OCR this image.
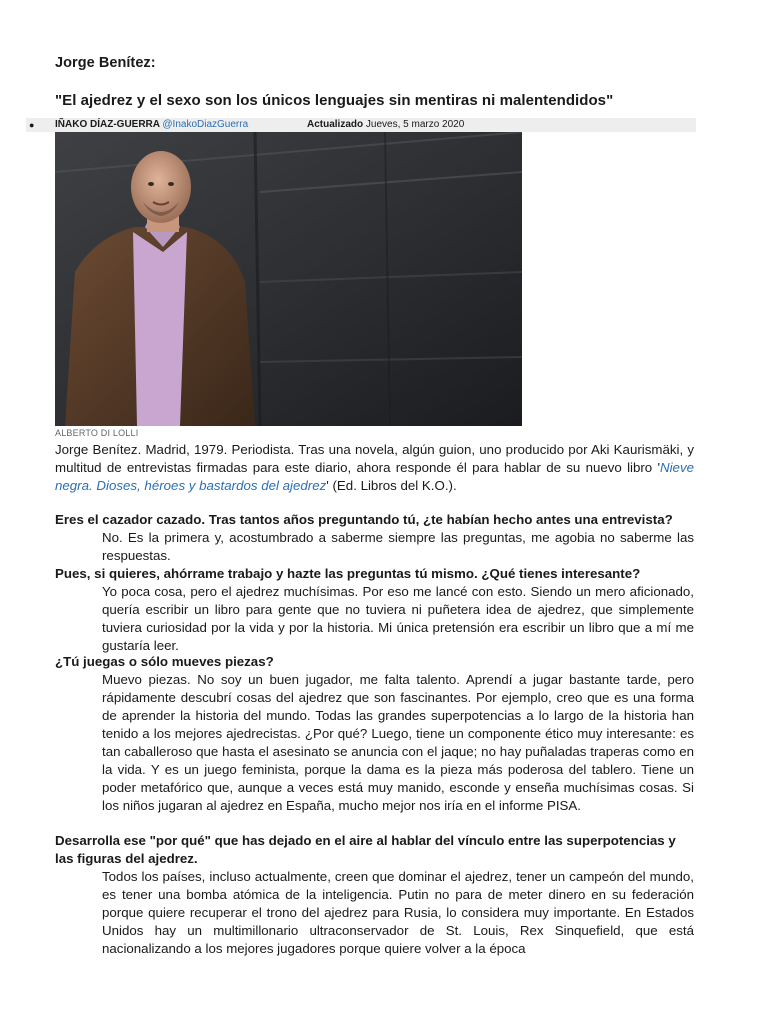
Jorge Benítez:
"El ajedrez y el sexo son los únicos lenguajes sin mentiras ni malentendidos"
● IÑAKO DÍAZ-GUERRA @InakoDiazGuerra	Actualizado Jueves, 5 marzo 2020
ALBERTO DI LOLLI
Jorge Benítez. Madrid, 1979. Periodista. Tras una novela, algún guion, uno producido por Aki Kaurismäki, y multitud de entrevistas firmadas para este diario, ahora responde él para hablar de su nuevo libro 'Nieve negra. Dioses, héroes y bastardos del ajedrez' (Ed. Libros del K.O.).
Eres el cazador cazado. Tras tantos años preguntando tú, ¿te habían hecho antes una entrevista?
No. Es la primera y, acostumbrado a saberme siempre las preguntas, me agobia no saberme las respuestas.
Pues, si quieres, ahórrame trabajo y hazte las preguntas tú mismo. ¿Qué tienes interesante?
Yo poca cosa, pero el ajedrez muchísimas. Por eso me lancé con esto. Siendo un mero aficionado, quería escribir un libro para gente que no tuviera ni puñetera idea de ajedrez, que simplemente tuviera curiosidad por la vida y por la historia. Mi única pretensión era escribir un libro que a mí me gustaría leer.
¿Tú juegas o sólo mueves piezas?
Muevo piezas. No soy un buen jugador, me falta talento. Aprendí a jugar bastante tarde, pero rápidamente descubrí cosas del ajedrez que son fascinantes. Por ejemplo, creo que es una forma de aprender la historia del mundo. Todas las grandes superpotencias a lo largo de la historia han tenido a los mejores ajedrecistas. ¿Por qué? Luego, tiene un componente ético muy interesante: es tan caballeroso que hasta el asesinato se anuncia con el jaque; no hay puñaladas traperas como en la vida. Y es un juego feminista, porque la dama es la pieza más poderosa del tablero. Tiene un poder metafórico que, aunque a veces está muy manido, esconde y enseña muchísimas cosas. Si los niños jugaran al ajedrez en España, mucho mejor nos iría en el informe PISA.
Desarrolla ese "por qué" que has dejado en el aire al hablar del vínculo entre las superpotencias y las figuras del ajedrez.
Todos los países, incluso actualmente, creen que dominar el ajedrez, tener un campeón del mundo, es tener una bomba atómica de la inteligencia. Putin no para de meter dinero en su federación porque quiere recuperar el trono del ajedrez para Rusia, lo considera muy importante. En Estados Unidos hay un multimillonario ultraconservador de St. Louis, Rex Sinquefield, que está nacionalizando a los mejores jugadores porque quiere volver a la época
